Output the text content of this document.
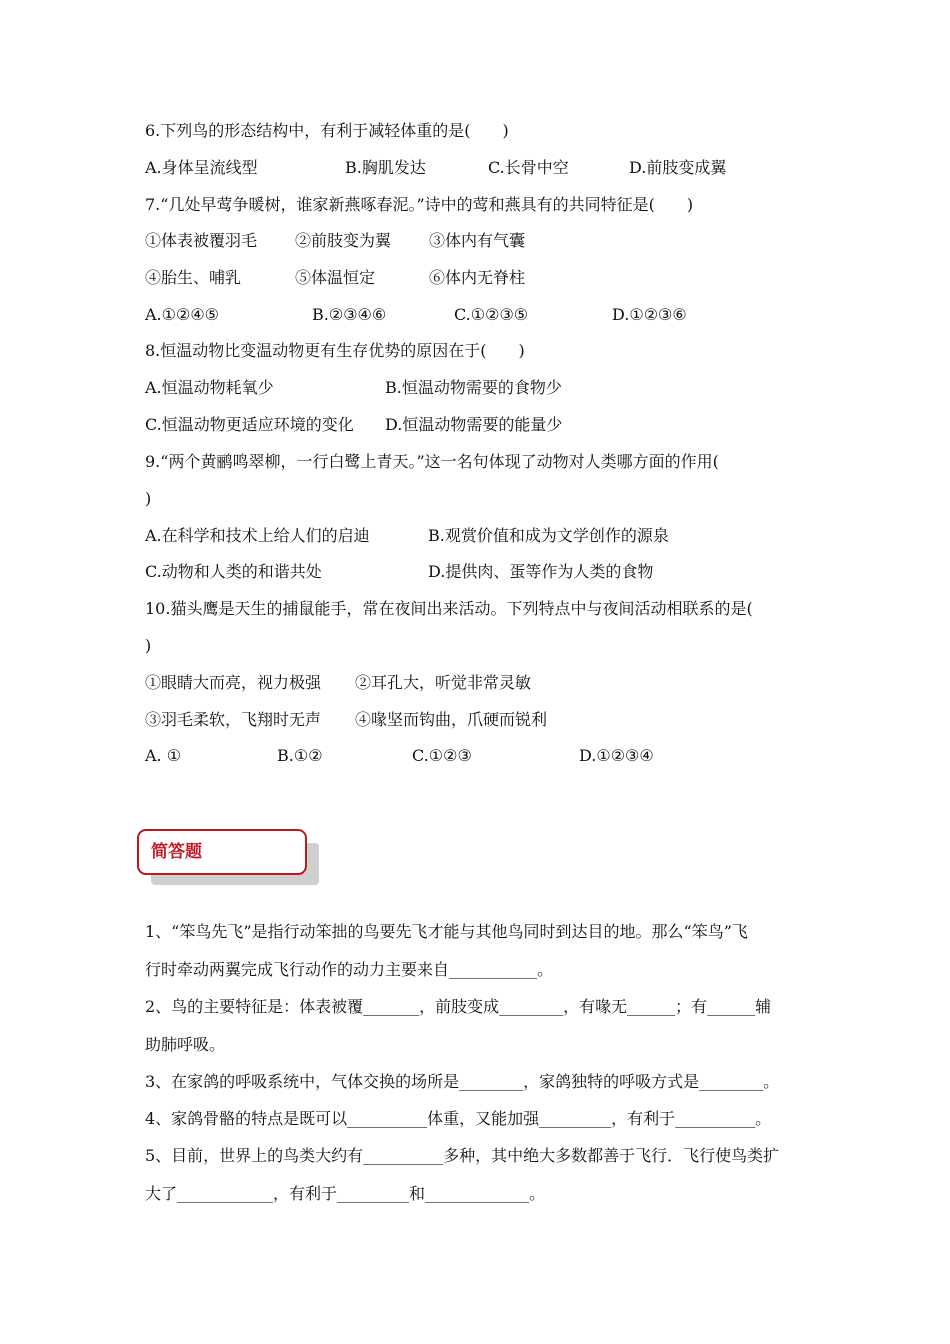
6.下列鸟的形态结构中，有利于减轻体重的是(　　)
A.身体呈流线型	B.胸肌发达	C.长骨中空	D.前肢变成翼
7.“几处早莺争暖树，谁家新燕啄春泥。”诗中的莺和燕具有的共同特征是(　　)
①体表被覆羽毛 ②前肢变为翼 ③体内有气囊
④胎生、哺乳	⑤体温恒定	⑥体内无脊柱
A.①②④⑤	B.②③④⑥	C.①②③⑤	D.①②③⑥
8.恒温动物比变温动物更有生存优势的原因在于(　　)
A.恒温动物耗氧少	B.恒温动物需要的食物少
C.恒温动物更适应环境的变化 D.恒温动物需要的能量少
9.“两个黄鹂鸣翠柳，一行白鹭上青天。”这一名句体现了动物对人类哪方面的作用(
)
A.在科学和技术上给人们的启迪	B.观赏价值和成为文学创作的源泉
C.动物和人类的和谐共处	D.提供肉、蛋等作为人类的食物
10.猫头鹰是天生的捕鼠能手，常在夜间出来活动。下列特点中与夜间活动相联系的是(
)
①眼睛大而亮，视力极强 ②耳孔大，听觉非常灵敏
③羽毛柔软，飞翔时无声 ④喙坚而钩曲，爪硬而锐利
A. ①	B.①②	C.①②③	D.①②③④
简答题
1、“笨鸟先飞”是指行动笨拙的鸟要先飞才能与其他鸟同时到达目的地。那么“笨鸟”飞
行时牵动两翼完成飞行动作的动力主要来自___________。
2、鸟的主要特征是：体表被覆_______，前肢变成________，有喙无______；有______辅
助肺呼吸。
3、在家鸽的呼吸系统中，气体交换的场所是________，家鸽独特的呼吸方式是________。
4、家鸽骨骼的特点是既可以__________体重，又能加强_________，有利于__________。
5、目前，世界上的鸟类大约有__________多种，其中绝大多数都善于飞行．飞行使鸟类扩
大了____________，有利于_________和_____________。
